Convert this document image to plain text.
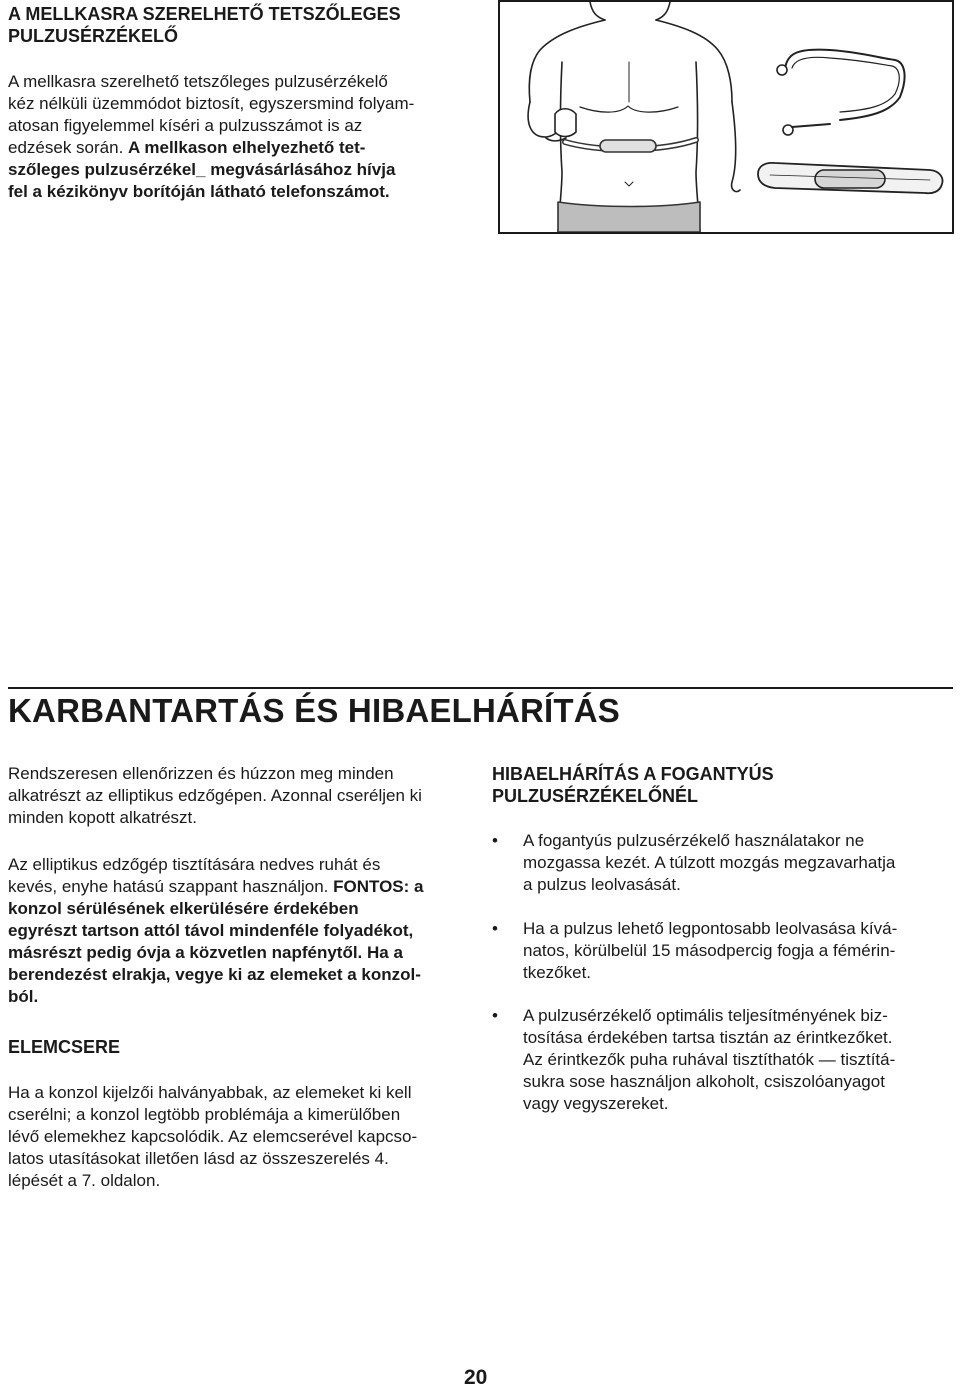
A MELLKASRA SZERELHETŐ TETSZŐLEGES
PULZUSÉRZÉKELŐ
A mellkasra szerelhető tetszőleges pulzusérzékelő
kéz nélküli üzemmódot biztosít, egyszersmind folyam-
atosan figyelemmel kíséri a pulzusszámot is az
edzések során. A mellkason elhelyezhető tet-
szőleges pulzusérzékel_ megvásárlásához hívja
fel a kézikönyv borítóján látható telefonszámot.
KARBANTARTÁS ÉS HIBAELHÁRÍTÁS
Rendszeresen ellenőrizzen és húzzon meg minden
alkatrészt az elliptikus edzőgépen. Azonnal cseréljen ki
minden kopott alkatrészt.
Az elliptikus edzőgép tisztítására nedves ruhát és
kevés, enyhe hatású szappant használjon. FONTOS: a
konzol sérülésének elkerülésére érdekében
egyrészt tartson attól távol mindenféle folyadékot,
másrészt pedig óvja a közvetlen napfénytől. Ha a
berendezést elrakja, vegye ki az elemeket a konzol-
ból.
ELEMCSERE
Ha a konzol kijelzői halványabbak, az elemeket ki kell
cserélni; a konzol legtöbb problémája a kimerülőben
lévő elemekhez kapcsolódik. Az elemcserével kapcso-
latos utasításokat illetően lásd az összeszerelés 4.
lépését a 7. oldalon.
HIBAELHÁRÍTÁS A FOGANTYÚS
PULZUSÉRZÉKELŐNÉL
• A fogantyús pulzusérzékelő használatakor ne
mozgassa kezét. A túlzott mozgás megzavarhatja
a pulzus leolvasását.
• Ha a pulzus lehető legpontosabb leolvasása kívá-
natos, körülbelül 15 másodpercig fogja a fémérin-
tkezőket.
• A pulzusérzékelő optimális teljesítményének biz-
tosítása érdekében tartsa tisztán az érintkezőket.
Az érintkezők puha ruhával tisztíthatók — tisztítá-
sukra sose használjon alkoholt, csiszolóanyagot
vagy vegyszereket.
20
